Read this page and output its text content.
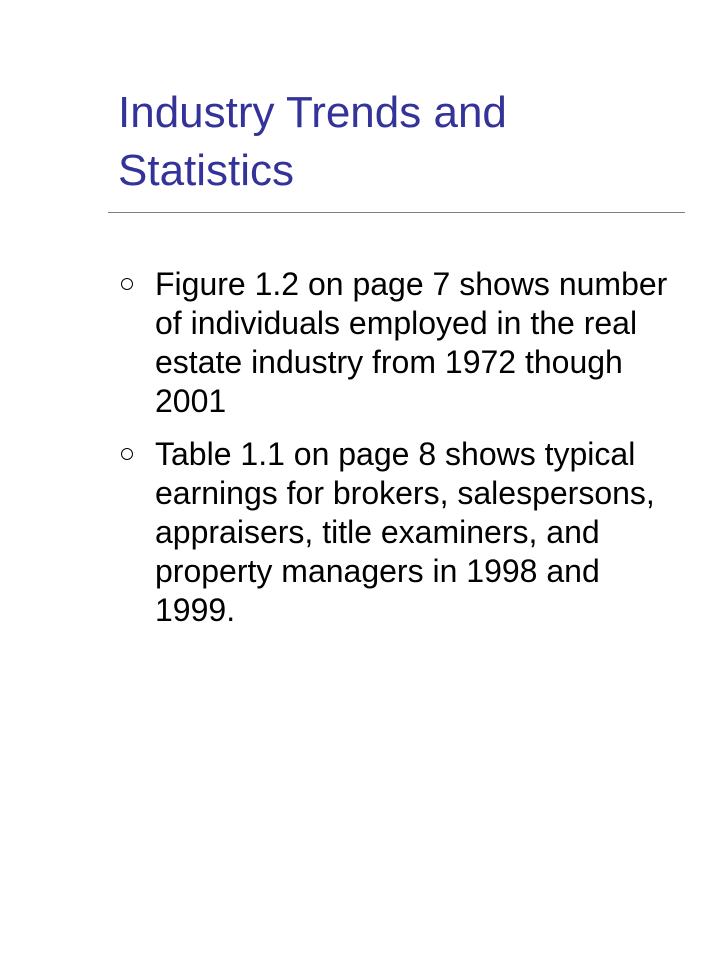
Industry Trends and Statistics
Figure 1.2 on page 7 shows number of individuals employed in the real estate industry from 1972 though 2001
Table 1.1 on page 8 shows typical earnings for brokers, salespersons, appraisers, title examiners, and property managers in 1998 and 1999.
